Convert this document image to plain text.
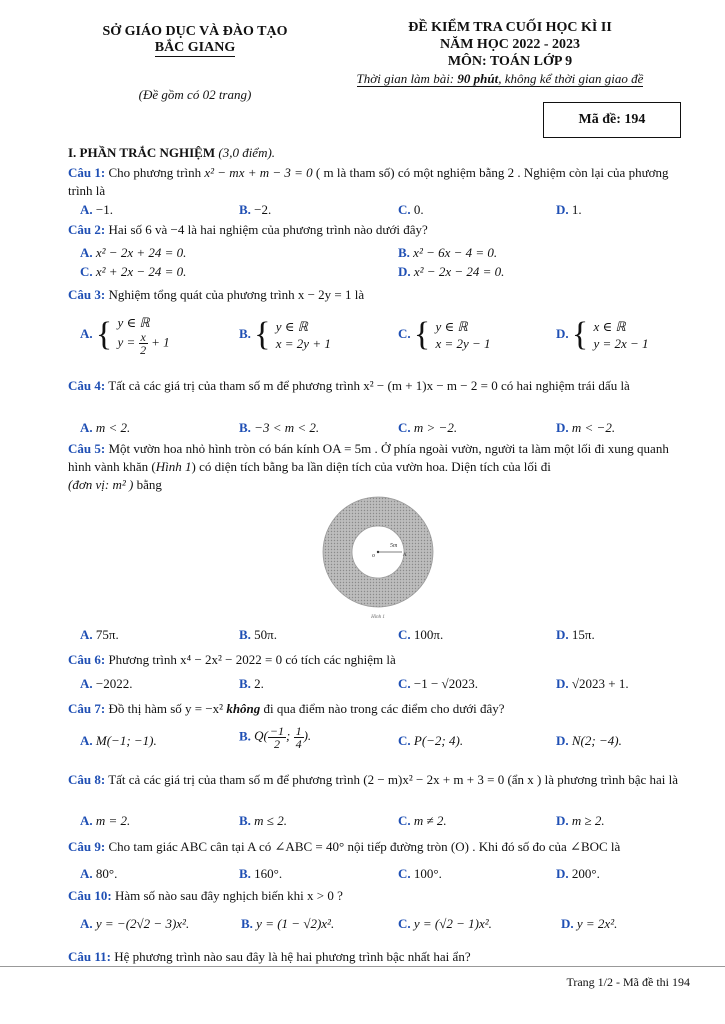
SỞ GIÁO DỤC VÀ ĐÀO TẠO
BẮC GIANG
(Đề gồm có 02 trang)
ĐỀ KIỂM TRA CUỐI HỌC KÌ II
NĂM HỌC 2022 - 2023
MÔN: TOÁN LỚP 9
Thời gian làm bài: 90 phút, không kể thời gian giao đề
Mã đề: 194
I. PHẦN TRẮC NGHIỆM (3,0 điểm).
Câu 1: Cho phương trình x² − mx + m − 3 = 0 ( m là tham số) có một nghiệm bằng 2 . Nghiệm còn lại của phương trình là
A. −1.	B. −2.	C. 0.	D. 1.
Câu 2: Hai số 6 và −4 là hai nghiệm của phương trình nào dưới đây?
A. x² − 2x + 24 = 0.	B. x² − 6x − 4 = 0.
C. x² + 2x − 24 = 0.	D. x² − 2x − 24 = 0.
Câu 3: Nghiệm tổng quát của phương trình x − 2y = 1 là
A. { y ∈ ℝ
$y = \frac{x}{2} + 1$
B. { y ∈ ℝ
x = 2y + 1
C. { y ∈ ℝ
x = 2y − 1
D. { x ∈ ℝ
y = 2x − 1
Câu 4: Tất cả các giá trị của tham số m để phương trình x² − (m + 1)x − m − 2 = 0 có hai nghiệm trái dấu là
A. m < 2.	B. −3 < m < 2.	C. m > −2.	D. m < −2.
Câu 5: Một vườn hoa nhỏ hình tròn có bán kính OA = 5m . Ở phía ngoài vườn, người ta làm một lối đi xung quanh hình vành khăn (Hình 1) có diện tích bằng ba lần diện tích của vườn hoa. Diện tích của lối đi
(đơn vị: m² ) bằng
5m
o	A
Hình 1
A. 75π.	B. 50π.	C. 100π.	D. 15π.
Câu 6: Phương trình x⁴ − 2x² − 2022 = 0 có tích các nghiệm là
A. −2022.	B. 2.	C. −1 − √2023.	D. √2023 + 1.
Câu 7: Đồ thị hàm số y = −x² không đi qua điểm nào trong các điểm cho dưới đây?
A. M(−1; −1).	B. $Q( \frac{-1}{2}$ ; $\frac{1}{4}$ ).	C. P(−2; 4).	D. N(2; −4).
Câu 8: Tất cả các giá trị của tham số m để phương trình (2 − m)x² − 2x + m + 3 = 0 (ẩn x ) là phương trình bậc hai là
A. m = 2.	B. m ≤ 2.	C. m ≠ 2.	D. m ≥ 2.
Câu 9: Cho tam giác ABC cân tại A có ∠ABC = 40° nội tiếp đường tròn (O) . Khi đó số đo của ∠BOC là
A. 80°.	B. 160°.	C. 100°.	D. 200°.
Câu 10: Hàm số nào sau đây nghịch biến khi x > 0 ?
A. y = −(2√2 − 3)x².	B. y = (1 − √2)x².	C. y = (√2 − 1)x².	D. y = 2x².
Câu 11: Hệ phương trình nào sau đây là hệ hai phương trình bậc nhất hai ẩn?
Trang 1/2 - Mã đề thi 194
